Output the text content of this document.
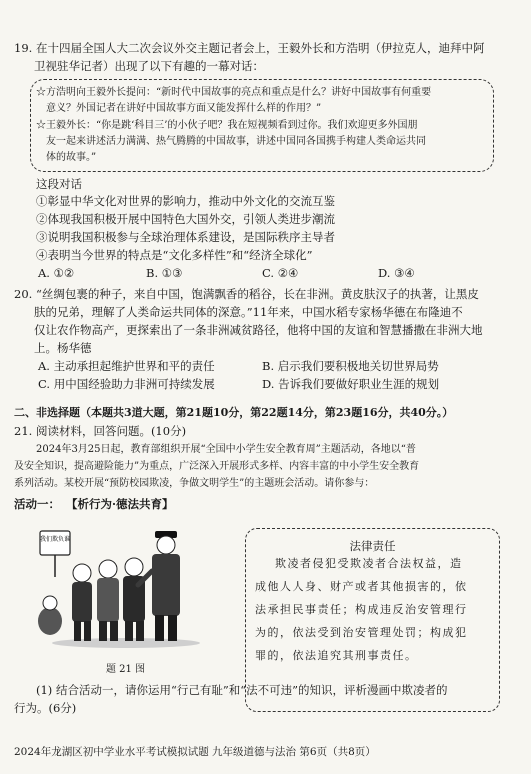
19. 在十四届全国人大二次会议外交主题记者会上，王毅外长和方浩明（伊拉克人，迪拜中阿
卫视驻华记者）出现了以下有趣的一幕对话：
☆方浩明向王毅外长提问：“新时代中国故事的亮点和重点是什么？讲好中国故事有何重要
意义？外国记者在讲好中国故事方面又能发挥什么样的作用？”
☆王毅外长：“你是跳‘科目三’的小伙子吧？我在短视频看到过你。我们欢迎更多外国朋
友一起来讲述活力满满、热气腾腾的中国故事，讲述中国同各国携手构建人类命运共同
体的故事。”
这段对话
①彰显中华文化对世界的影响力，推动中外文化的交流互鉴
②体现我国积极开展中国特色大国外交，引领人类进步潮流
③说明我国积极参与全球治理体系建设，是国际秩序主导者
④表明当今世界的特点是“文化多样性”和“经济全球化”
A. ①②	B. ①③	C. ②④	D. ③④
20. “丝绸包裹的种子，来自中国，饱满飘香的稻谷，长在非洲。黄皮肤汉子的执著，让黑皮
肤的兄弟，理解了人类命运共同体的深意。”11年来，中国水稻专家杨华德在布隆迪不
仅让农作物高产，更探索出了一条非洲减贫路径，他将中国的友谊和智慧播撒在非洲大地
上。杨华德
A. 主动承担起维护世界和平的责任	B. 启示我们要积极地关切世界局势
C. 用中国经验助力非洲可持续发展	D. 告诉我们要做好职业生涯的规划
二、非选择题（本题共3道大题，第21题10分，第22题14分，第23题16分，共40分。）
21. 阅读材料，回答问题。(10分)
2024年3月25日起，教育部组织开展“全国中小学生安全教育周”主题活动，各地以“普
及安全知识，提高避险能力”为重点，广泛深入开展形式多样、内容丰富的中小学生安全教育
系列活动。某校开展“预防校园欺凌，争做文明学生”的主题班会活动。请你参与：
活动一： 【析行为·德法共育】
我们欺负谁
题 21 图
法律责任
欺凌者侵犯受欺凌者合法权益，造
成他人人身、财产或者其他损害的，依
法承担民事责任；构成违反治安管理行
为的，依法受到治安管理处罚；构成犯
罪的，依法追究其刑事责任。
(1) 结合活动一，请你运用“行己有耻”和“法不可违”的知识，评析漫画中欺凌者的
行为。(6分)
2024年龙湖区初中学业水平考试模拟试题 九年级道德与法治 第6页（共8页）
